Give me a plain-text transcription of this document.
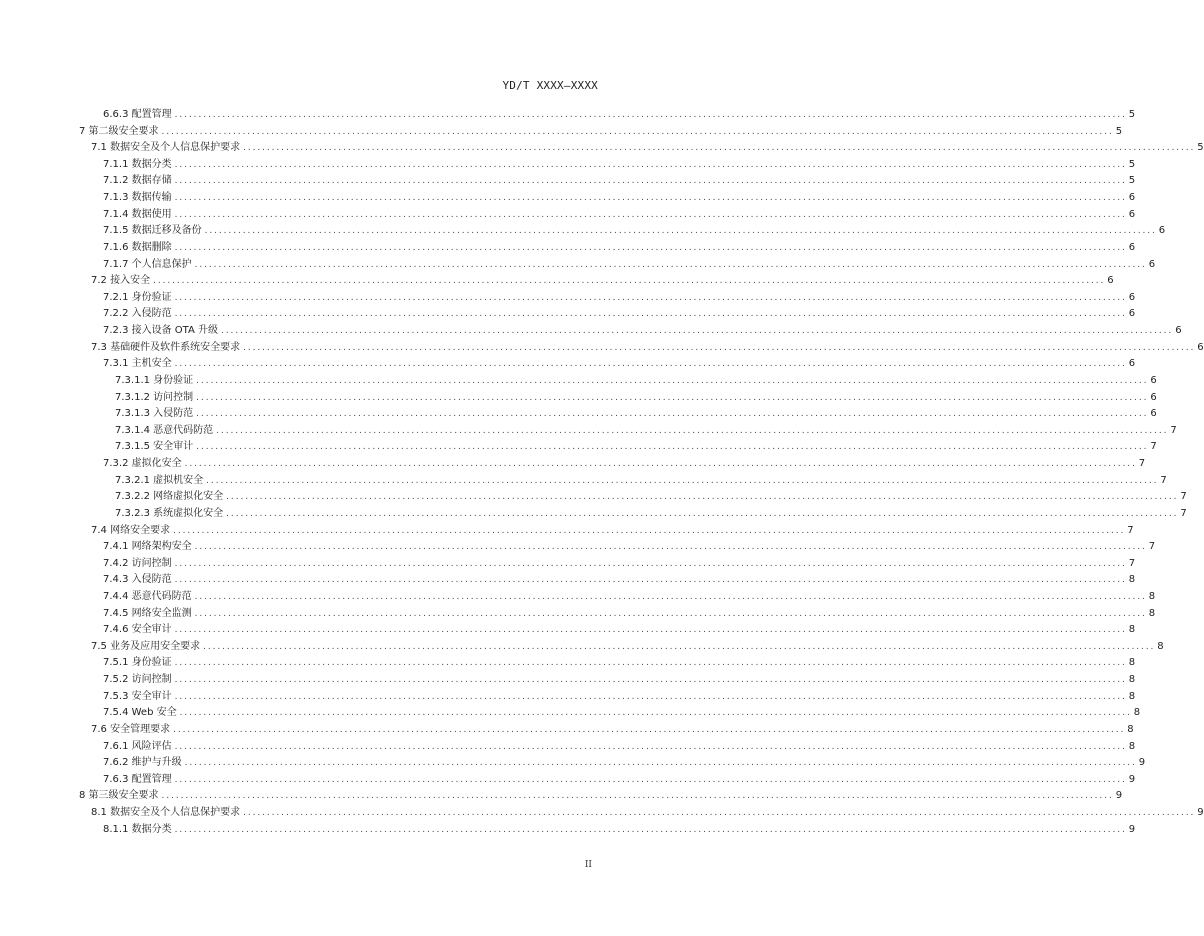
YD/T XXXX—XXXX
6.6.3 配置管理 ........................................................................................................................................................................................................ 5
7 第二级安全要求 ........................................................................................................................................................................................................ 5
7.1 数据安全及个人信息保护要求 ........................................................................................................................................................................................................ 5
7.1.1 数据分类 ........................................................................................................................................................................................................ 5
7.1.2 数据存储 ........................................................................................................................................................................................................ 5
7.1.3 数据传输 ........................................................................................................................................................................................................ 6
7.1.4 数据使用 ........................................................................................................................................................................................................ 6
7.1.5 数据迁移及备份 ........................................................................................................................................................................................................ 6
7.1.6 数据删除 ........................................................................................................................................................................................................ 6
7.1.7 个人信息保护 ........................................................................................................................................................................................................ 6
7.2 接入安全 ........................................................................................................................................................................................................ 6
7.2.1 身份验证 ........................................................................................................................................................................................................ 6
7.2.2 入侵防范 ........................................................................................................................................................................................................ 6
7.2.3 接入设备 OTA 升级 ........................................................................................................................................................................................................ 6
7.3 基础硬件及软件系统安全要求 ........................................................................................................................................................................................................ 6
7.3.1 主机安全 ........................................................................................................................................................................................................ 6
7.3.1.1 身份验证 ........................................................................................................................................................................................................ 6
7.3.1.2 访问控制 ........................................................................................................................................................................................................ 6
7.3.1.3 入侵防范 ........................................................................................................................................................................................................ 6
7.3.1.4 恶意代码防范 ........................................................................................................................................................................................................ 7
7.3.1.5 安全审计 ........................................................................................................................................................................................................ 7
7.3.2 虚拟化安全 ........................................................................................................................................................................................................ 7
7.3.2.1 虚拟机安全 ........................................................................................................................................................................................................ 7
7.3.2.2 网络虚拟化安全 ........................................................................................................................................................................................................ 7
7.3.2.3 系统虚拟化安全 ........................................................................................................................................................................................................ 7
7.4 网络安全要求 ........................................................................................................................................................................................................ 7
7.4.1 网络架构安全 ........................................................................................................................................................................................................ 7
7.4.2 访问控制 ........................................................................................................................................................................................................ 7
7.4.3 入侵防范 ........................................................................................................................................................................................................ 8
7.4.4 恶意代码防范 ........................................................................................................................................................................................................ 8
7.4.5 网络安全监测 ........................................................................................................................................................................................................ 8
7.4.6 安全审计 ........................................................................................................................................................................................................ 8
7.5 业务及应用安全要求 ........................................................................................................................................................................................................ 8
7.5.1 身份验证 ........................................................................................................................................................................................................ 8
7.5.2 访问控制 ........................................................................................................................................................................................................ 8
7.5.3 安全审计 ........................................................................................................................................................................................................ 8
7.5.4 Web 安全 ........................................................................................................................................................................................................ 8
7.6 安全管理要求 ........................................................................................................................................................................................................ 8
7.6.1 风险评估 ........................................................................................................................................................................................................ 8
7.6.2 维护与升级 ........................................................................................................................................................................................................ 9
7.6.3 配置管理 ........................................................................................................................................................................................................ 9
8 第三级安全要求 ........................................................................................................................................................................................................ 9
8.1 数据安全及个人信息保护要求 ........................................................................................................................................................................................................ 9
8.1.1 数据分类 ........................................................................................................................................................................................................ 9
II
